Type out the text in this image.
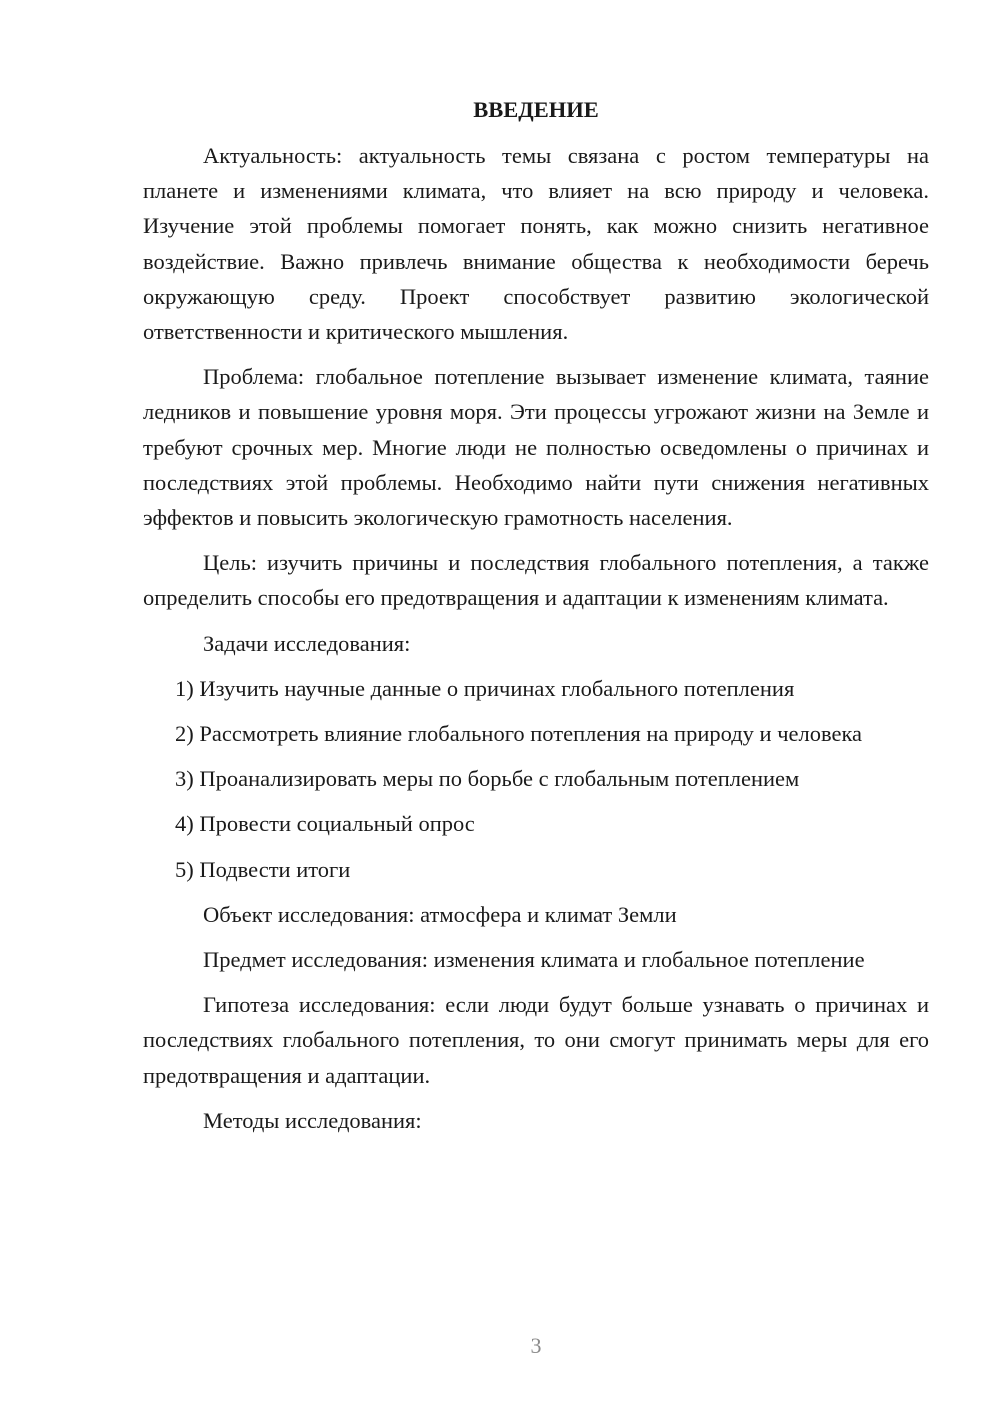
ВВЕДЕНИЕ
Актуальность: актуальность темы связана с ростом температуры на планете и изменениями климата, что влияет на всю природу и человека. Изучение этой проблемы помогает понять, как можно снизить негативное воздействие. Важно привлечь внимание общества к необходимости беречь окружающую среду. Проект способствует развитию экологической ответственности и критического мышления.
Проблема: глобальное потепление вызывает изменение климата, таяние ледников и повышение уровня моря. Эти процессы угрожают жизни на Земле и требуют срочных мер. Многие люди не полностью осведомлены о причинах и последствиях этой проблемы. Необходимо найти пути снижения негативных эффектов и повысить экологическую грамотность населения.
Цель: изучить причины и последствия глобального потепления, а также определить способы его предотвращения и адаптации к изменениям климата.
Задачи исследования:
1) Изучить научные данные о причинах глобального потепления
2) Рассмотреть влияние глобального потепления на природу и человека
3) Проанализировать меры по борьбе с глобальным потеплением
4) Провести социальный опрос
5) Подвести итоги
Объект исследования: атмосфера и климат Земли
Предмет исследования: изменения климата и глобальное потепление
Гипотеза исследования: если люди будут больше узнавать о причинах и последствиях глобального потепления, то они смогут принимать меры для его предотвращения и адаптации.
Методы исследования:
3
